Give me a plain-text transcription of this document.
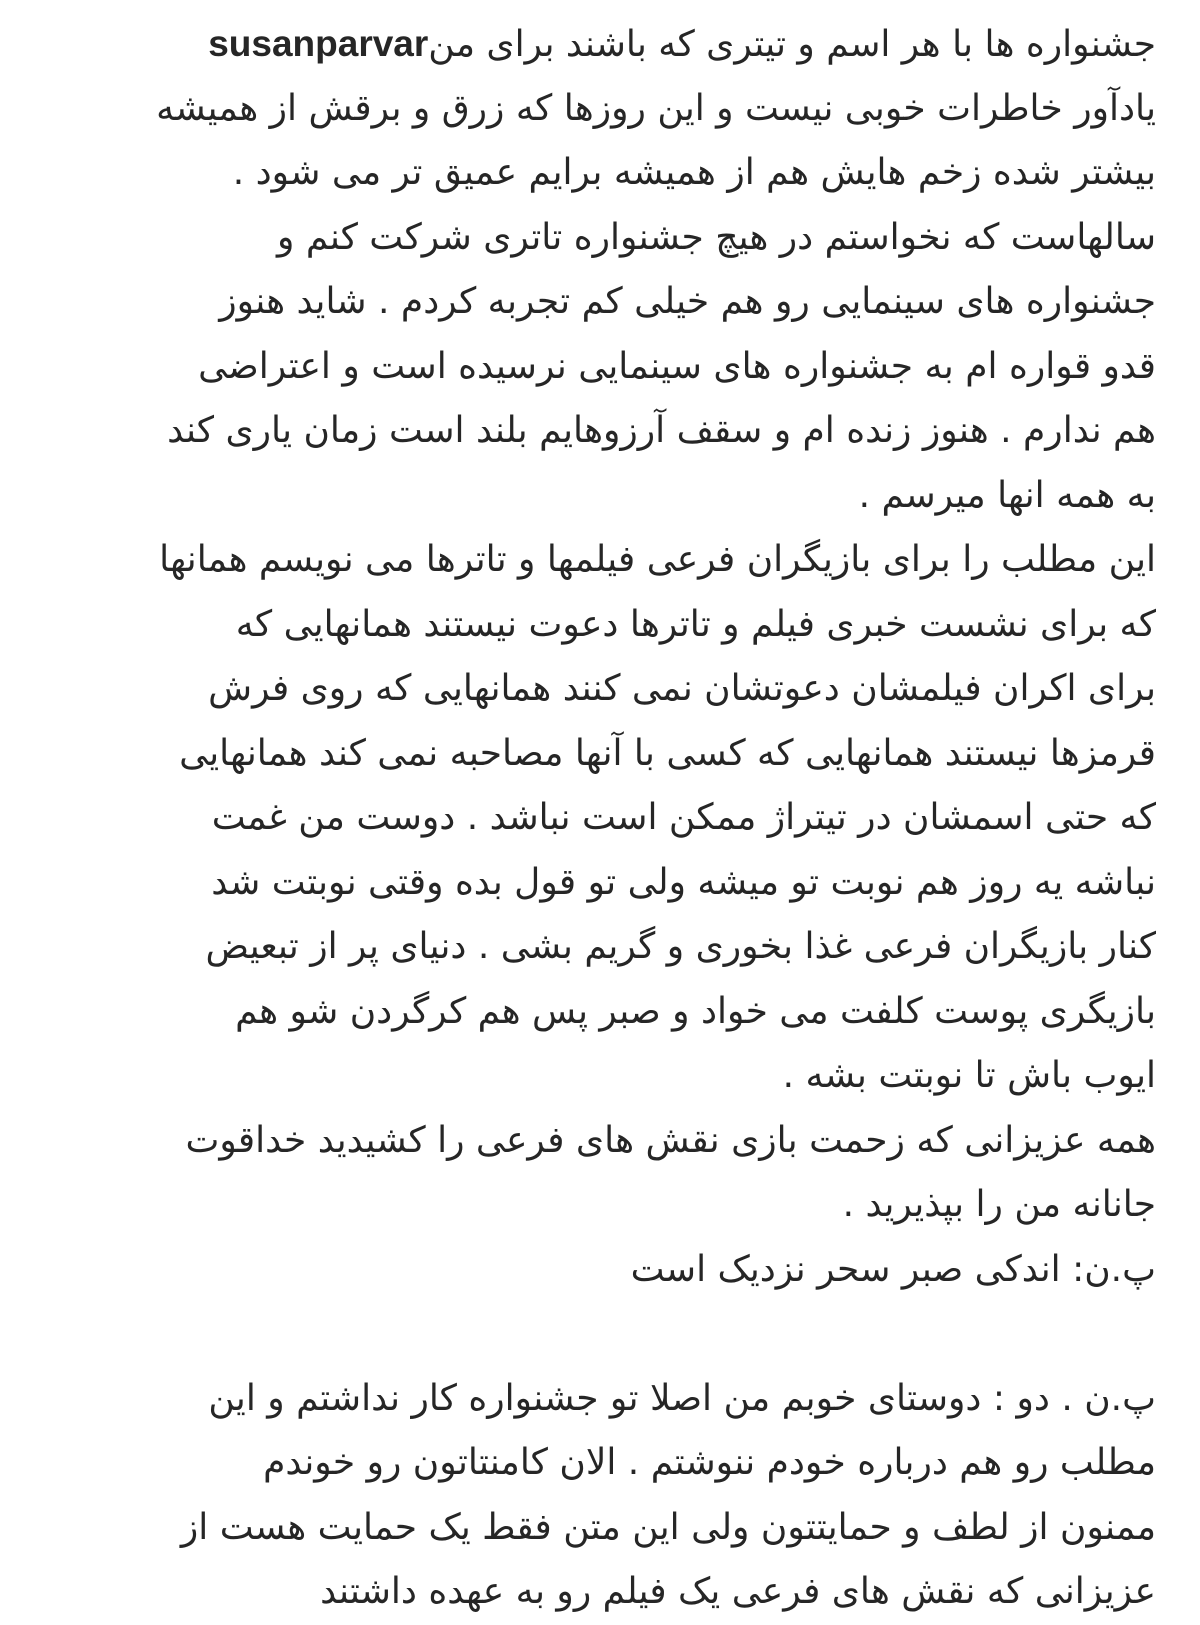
جشنواره ها با هر اسم و تیتری که باشند برای منsusanparvar
یادآور خاطرات خوبی نیست و این روزها که زرق و برقش از همیشه
بیشتر شده زخم هایش هم از همیشه برایم عمیق تر می شود .
سالهاست که نخواستم در هیچ جشنواره تاتری شرکت کنم و
جشنواره های سینمایی رو هم خیلی کم تجربه کردم . شاید هنوز
قدو قواره ام به جشنواره های سینمایی نرسیده است و اعتراضی
هم ندارم . هنوز زنده ام و سقف آرزوهایم بلند است زمان یاری کند
به همه انها میرسم .
این مطلب را برای بازیگران فرعی فیلمها و تاترها می نویسم همانها
که برای نشست خبری فیلم و تاترها دعوت نیستند همانهایی که
برای اکران فیلمشان دعوتشان نمی کنند همانهایی که روی فرش
قرمزها نیستند همانهایی که کسی با آنها مصاحبه نمی کند همانهایی
که حتی اسمشان در تیتراژ ممکن است نباشد . دوست من غمت
نباشه یه روز هم نوبت تو میشه ولی تو قول بده وقتی نوبتت شد
کنار بازیگران فرعی غذا بخوری و گریم بشی . دنیای پر از تبعیض
بازیگری پوست کلفت می خواد و صبر پس هم کرگردن شو هم
ایوب باش تا نوبتت بشه .
همه عزیزانی که زحمت بازی نقش های فرعی را کشیدید خداقوت
جانانه من را بپذیرید .
پ.ن: اندکی صبر سحر نزدیک است
پ.ن . دو : دوستای خوبم من اصلا تو جشنواره کار نداشتم و این
مطلب رو هم درباره خودم ننوشتم . الان کامنتاتون رو خوندم
ممنون از لطف و حمایتتون ولی این متن فقط یک حمایت هست از
عزیزانی که نقش های فرعی یک فیلم رو به عهده داشتند
